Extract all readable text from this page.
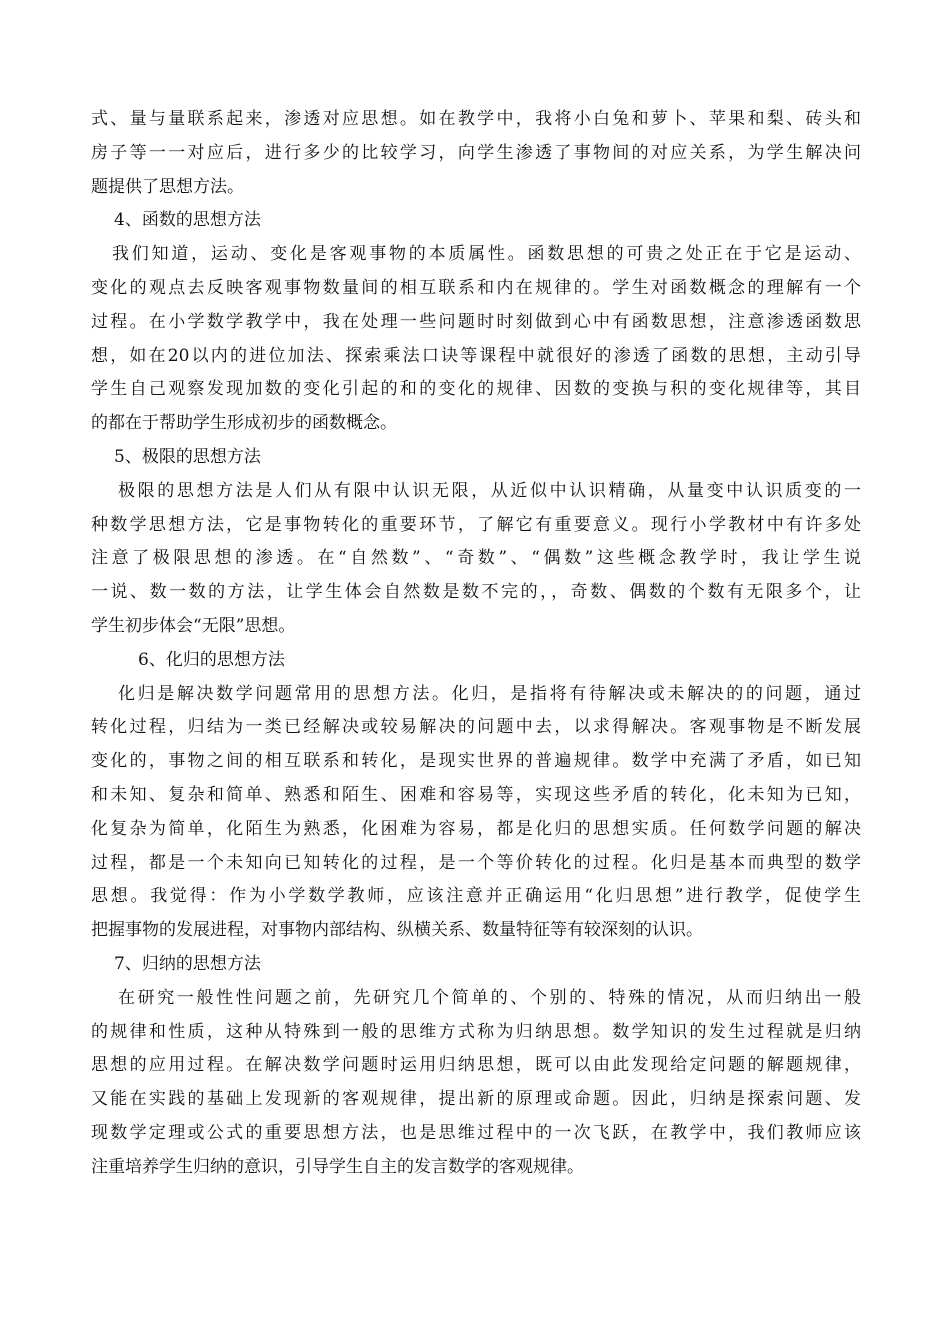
式、量与量联系起来，渗透对应思想。如在教学中，我将小白兔和萝卜、苹果和梨、砖头和
房子等一一对应后，进行多少的比较学习，向学生渗透了事物间的对应关系，为学生解决问
题提供了思想方法。
4、函数的思想方法
我们知道，运动、变化是客观事物的本质属性。函数思想的可贵之处正在于它是运动、
变化的观点去反映客观事物数量间的相互联系和内在规律的。学生对函数概念的理解有一个
过程。在小学数学教学中，我在处理一些问题时时刻做到心中有函数思想，注意渗透函数思
想，如在20以内的进位加法、探索乘法口诀等课程中就很好的渗透了函数的思想，主动引导
学生自己观察发现加数的变化引起的和的变化的规律、因数的变换与积的变化规律等，其目
的都在于帮助学生形成初步的函数概念。
5、极限的思想方法
极限的思想方法是人们从有限中认识无限，从近似中认识精确，从量变中认识质变的一
种数学思想方法，它是事物转化的重要环节，了解它有重要意义。现行小学教材中有许多处
注意了极限思想的渗透。在“自然数”、“奇数”、“偶数”这些概念教学时，我让学生说
一说、数一数的方法，让学生体会自然数是数不完的，，奇数、偶数的个数有无限多个，让
学生初步体会“无限”思想。
6、化归的思想方法
化归是解决数学问题常用的思想方法。化归，是指将有待解决或未解决的的问题，通过
转化过程，归结为一类已经解决或较易解决的问题中去，以求得解决。客观事物是不断发展
变化的，事物之间的相互联系和转化，是现实世界的普遍规律。数学中充满了矛盾，如已知
和未知、复杂和简单、熟悉和陌生、困难和容易等，实现这些矛盾的转化，化未知为已知，
化复杂为简单，化陌生为熟悉，化困难为容易，都是化归的思想实质。任何数学问题的解决
过程，都是一个未知向已知转化的过程，是一个等价转化的过程。化归是基本而典型的数学
思想。我觉得：作为小学数学教师，应该注意并正确运用“化归思想”进行教学，促使学生
把握事物的发展进程，对事物内部结构、纵横关系、数量特征等有较深刻的认识。
7、归纳的思想方法
在研究一般性性问题之前，先研究几个简单的、个别的、特殊的情况，从而归纳出一般
的规律和性质，这种从特殊到一般的思维方式称为归纳思想。数学知识的发生过程就是归纳
思想的应用过程。在解决数学问题时运用归纳思想，既可以由此发现给定问题的解题规律，
又能在实践的基础上发现新的客观规律，提出新的原理或命题。因此，归纳是探索问题、发
现数学定理或公式的重要思想方法，也是思维过程中的一次飞跃，在教学中，我们教师应该
注重培养学生归纳的意识，引导学生自主的发言数学的客观规律。
